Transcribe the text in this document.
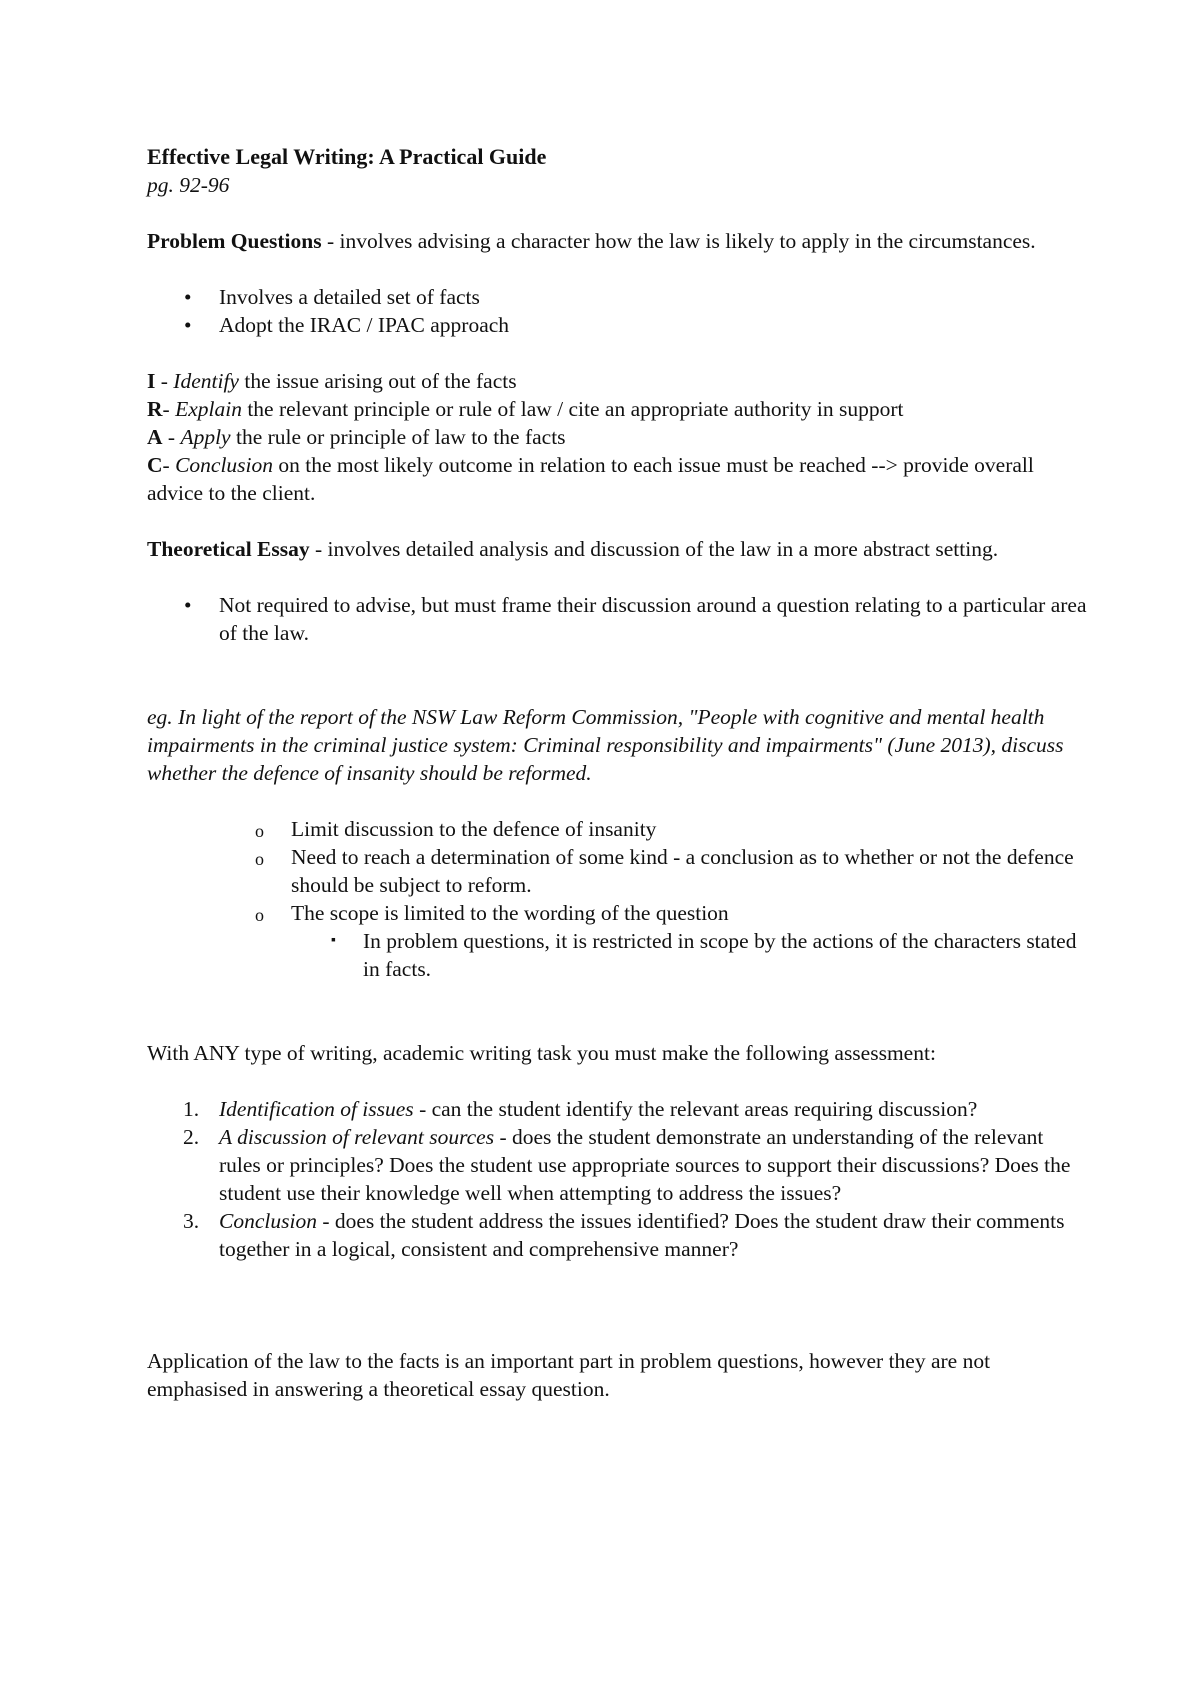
Effective Legal Writing: A Practical Guide

pg. 92-96

Problem Questions - involves advising a character how the law is likely to apply in the circumstances.

• Involves a detailed set of facts
• Adopt the IRAC / IPAC approach

I - Identify the issue arising out of the facts

R- Explain the relevant principle or rule of law / cite an appropriate authority in support

A - Apply the rule or principle of law to the facts

C- Conclusion on the most likely outcome in relation to each issue must be reached --> provide overall advice to the client.

Theoretical Essay - involves detailed analysis and discussion of the law in a more abstract setting.

• Not required to advise, but must frame their discussion around a question relating to a particular area of the law.

eg. In light of the report of the NSW Law Reform Commission, "People with cognitive and mental health impairments in the criminal justice system: Criminal responsibility and impairments" (June 2013), discuss whether the defence of insanity should be reformed.

o Limit discussion to the defence of insanity
o Need to reach a determination of some kind - a conclusion as to whether or not the defence should be subject to reform.
o The scope is limited to the wording of the question
▪ In problem questions, it is restricted in scope by the actions of the characters stated in facts.

With ANY type of writing, academic writing task you must make the following assessment:

1. Identification of issues - can the student identify the relevant areas requiring discussion?
2. A discussion of relevant sources - does the student demonstrate an understanding of the relevant rules or principles? Does the student use appropriate sources to support their discussions? Does the student use their knowledge well when attempting to address the issues?
3. Conclusion - does the student address the issues identified? Does the student draw their comments together in a logical, consistent and comprehensive manner?

Application of the law to the facts is an important part in problem questions, however they are not emphasised in answering a theoretical essay question.
